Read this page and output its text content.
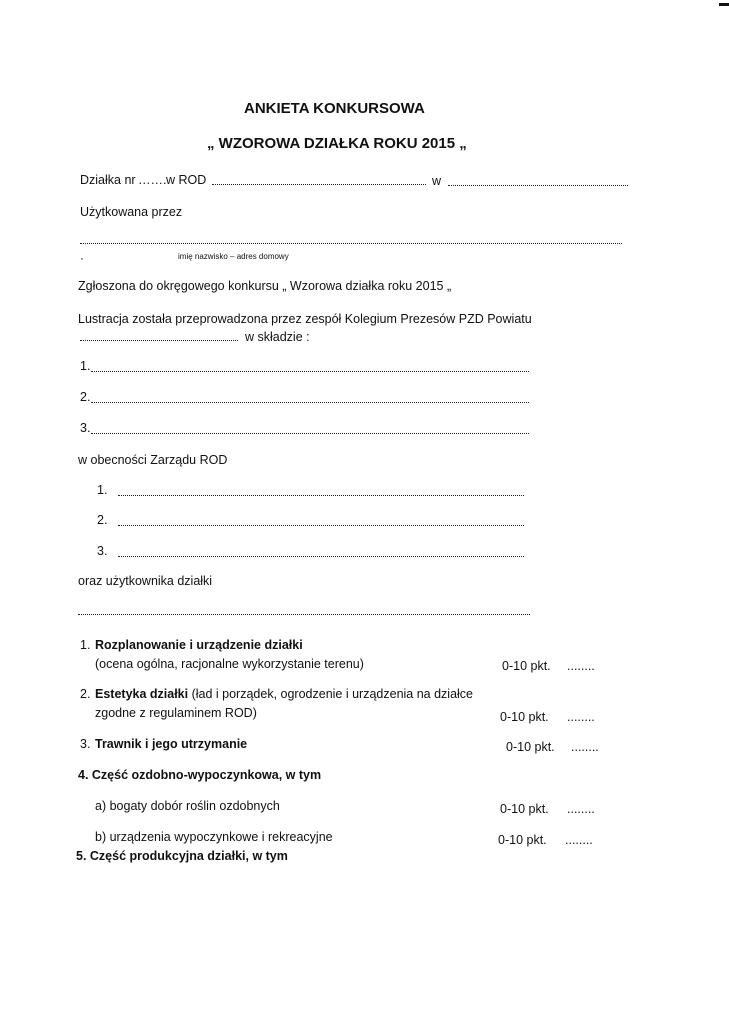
ANKIETA KONKURSOWA
„ WZOROWA DZIAŁKA ROKU 2015 „
Działka nr ……. w ROD	w
Użytkowana przez
·	imię nazwisko – adres domowy
Zgłoszona do okręgowego konkursu „ Wzorowa działka roku 2015 „
Lustracja została przeprowadzona przez zespół Kolegium Prezesów PZD Powiatu
w składzie :
1.
2.
3.
w obecności Zarządu ROD
1.
2.
3.
oraz użytkownika działki
1. Rozplanowanie i urządzenie działki
(ocena ogólna, racjonalne wykorzystanie terenu)	0-10 pkt. ........
2. Estetyka działki (ład i porządek, ogrodzenie i urządzenia na działce
zgodne z regulaminem ROD)	0-10 pkt. ........
3. Trawnik i jego utrzymanie	0-10 pkt. ........
4. Część ozdobno-wypoczynkowa, w tym
a) bogaty dobór roślin ozdobnych	0-10 pkt. ........
b) urządzenia wypoczynkowe i rekreacyjne	0-10 pkt. ........
5. Część produkcyjna działki, w tym
